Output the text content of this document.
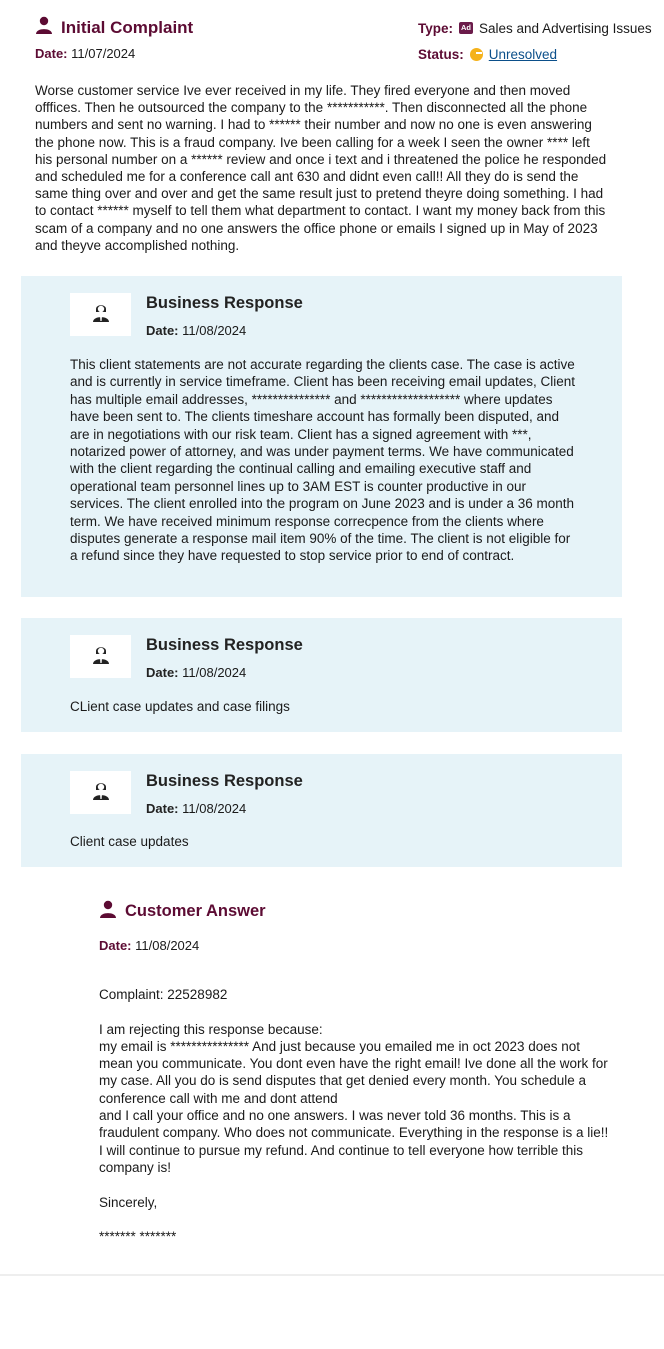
Initial Complaint
Date: 11/07/2024
Type: Ad Sales and Advertising Issues
Status: Unresolved
Worse customer service Ive ever received in my life. They fired everyone and then moved offfices. Then he outsourced the company to the ***********. Then disconnected all the phone numbers and sent no warning. I had to ****** their number and now no one is even answering the phone now. This is a fraud company. Ive been calling for a week I seen the owner **** left his personal number on a ****** review and once i text and i threatened the police he responded and scheduled me for a conference call ant 630 and didnt even call!! All they do is send the same thing over and over and get the same result just to pretend theyre doing something. I had to contact ****** myself to tell them what department to contact. I want my money back from this scam of a company and no one answers the office phone or emails I signed up in May of 2023 and theyve accomplished nothing.
Business Response
Date: 11/08/2024
This client statements are not accurate regarding the clients case. The case is active and is currently in service timeframe. Client has been receiving email updates, Client has multiple email addresses, *************** and ******************* where updates have been sent to. The clients timeshare account has formally been disputed, and are in negotiations with our risk team. Client has a signed agreement with ***, notarized power of attorney, and was under payment terms. We have communicated with the client regarding the continual calling and emailing executive staff and operational team personnel lines up to 3AM EST is counter productive in our services. The client enrolled into the program on June 2023 and is under a 36 month term. We have received minimum response correcpence from the clients where disputes generate a response mail item 90% of the time. The client is not eligible for a refund since they have requested to stop service prior to end of contract.
Business Response
Date: 11/08/2024
CLient case updates and case filings
Business Response
Date: 11/08/2024
Client case updates
Customer Answer
Date: 11/08/2024
Complaint: 22528982

I am rejecting this response because:
my email is *************** And just because you emailed me in oct 2023 does not mean you communicate. You dont even have the right email! Ive done all the work for my case. All you do is send disputes that get denied every month. You schedule a conference call with me and dont attend
and I call your office and no one answers. I was never told 36 months. This is a fraudulent company. Who does not communicate. Everything in the response is a lie!! I will continue to pursue my refund. And continue to tell everyone how terrible this company is!

Sincerely,

******* *******
